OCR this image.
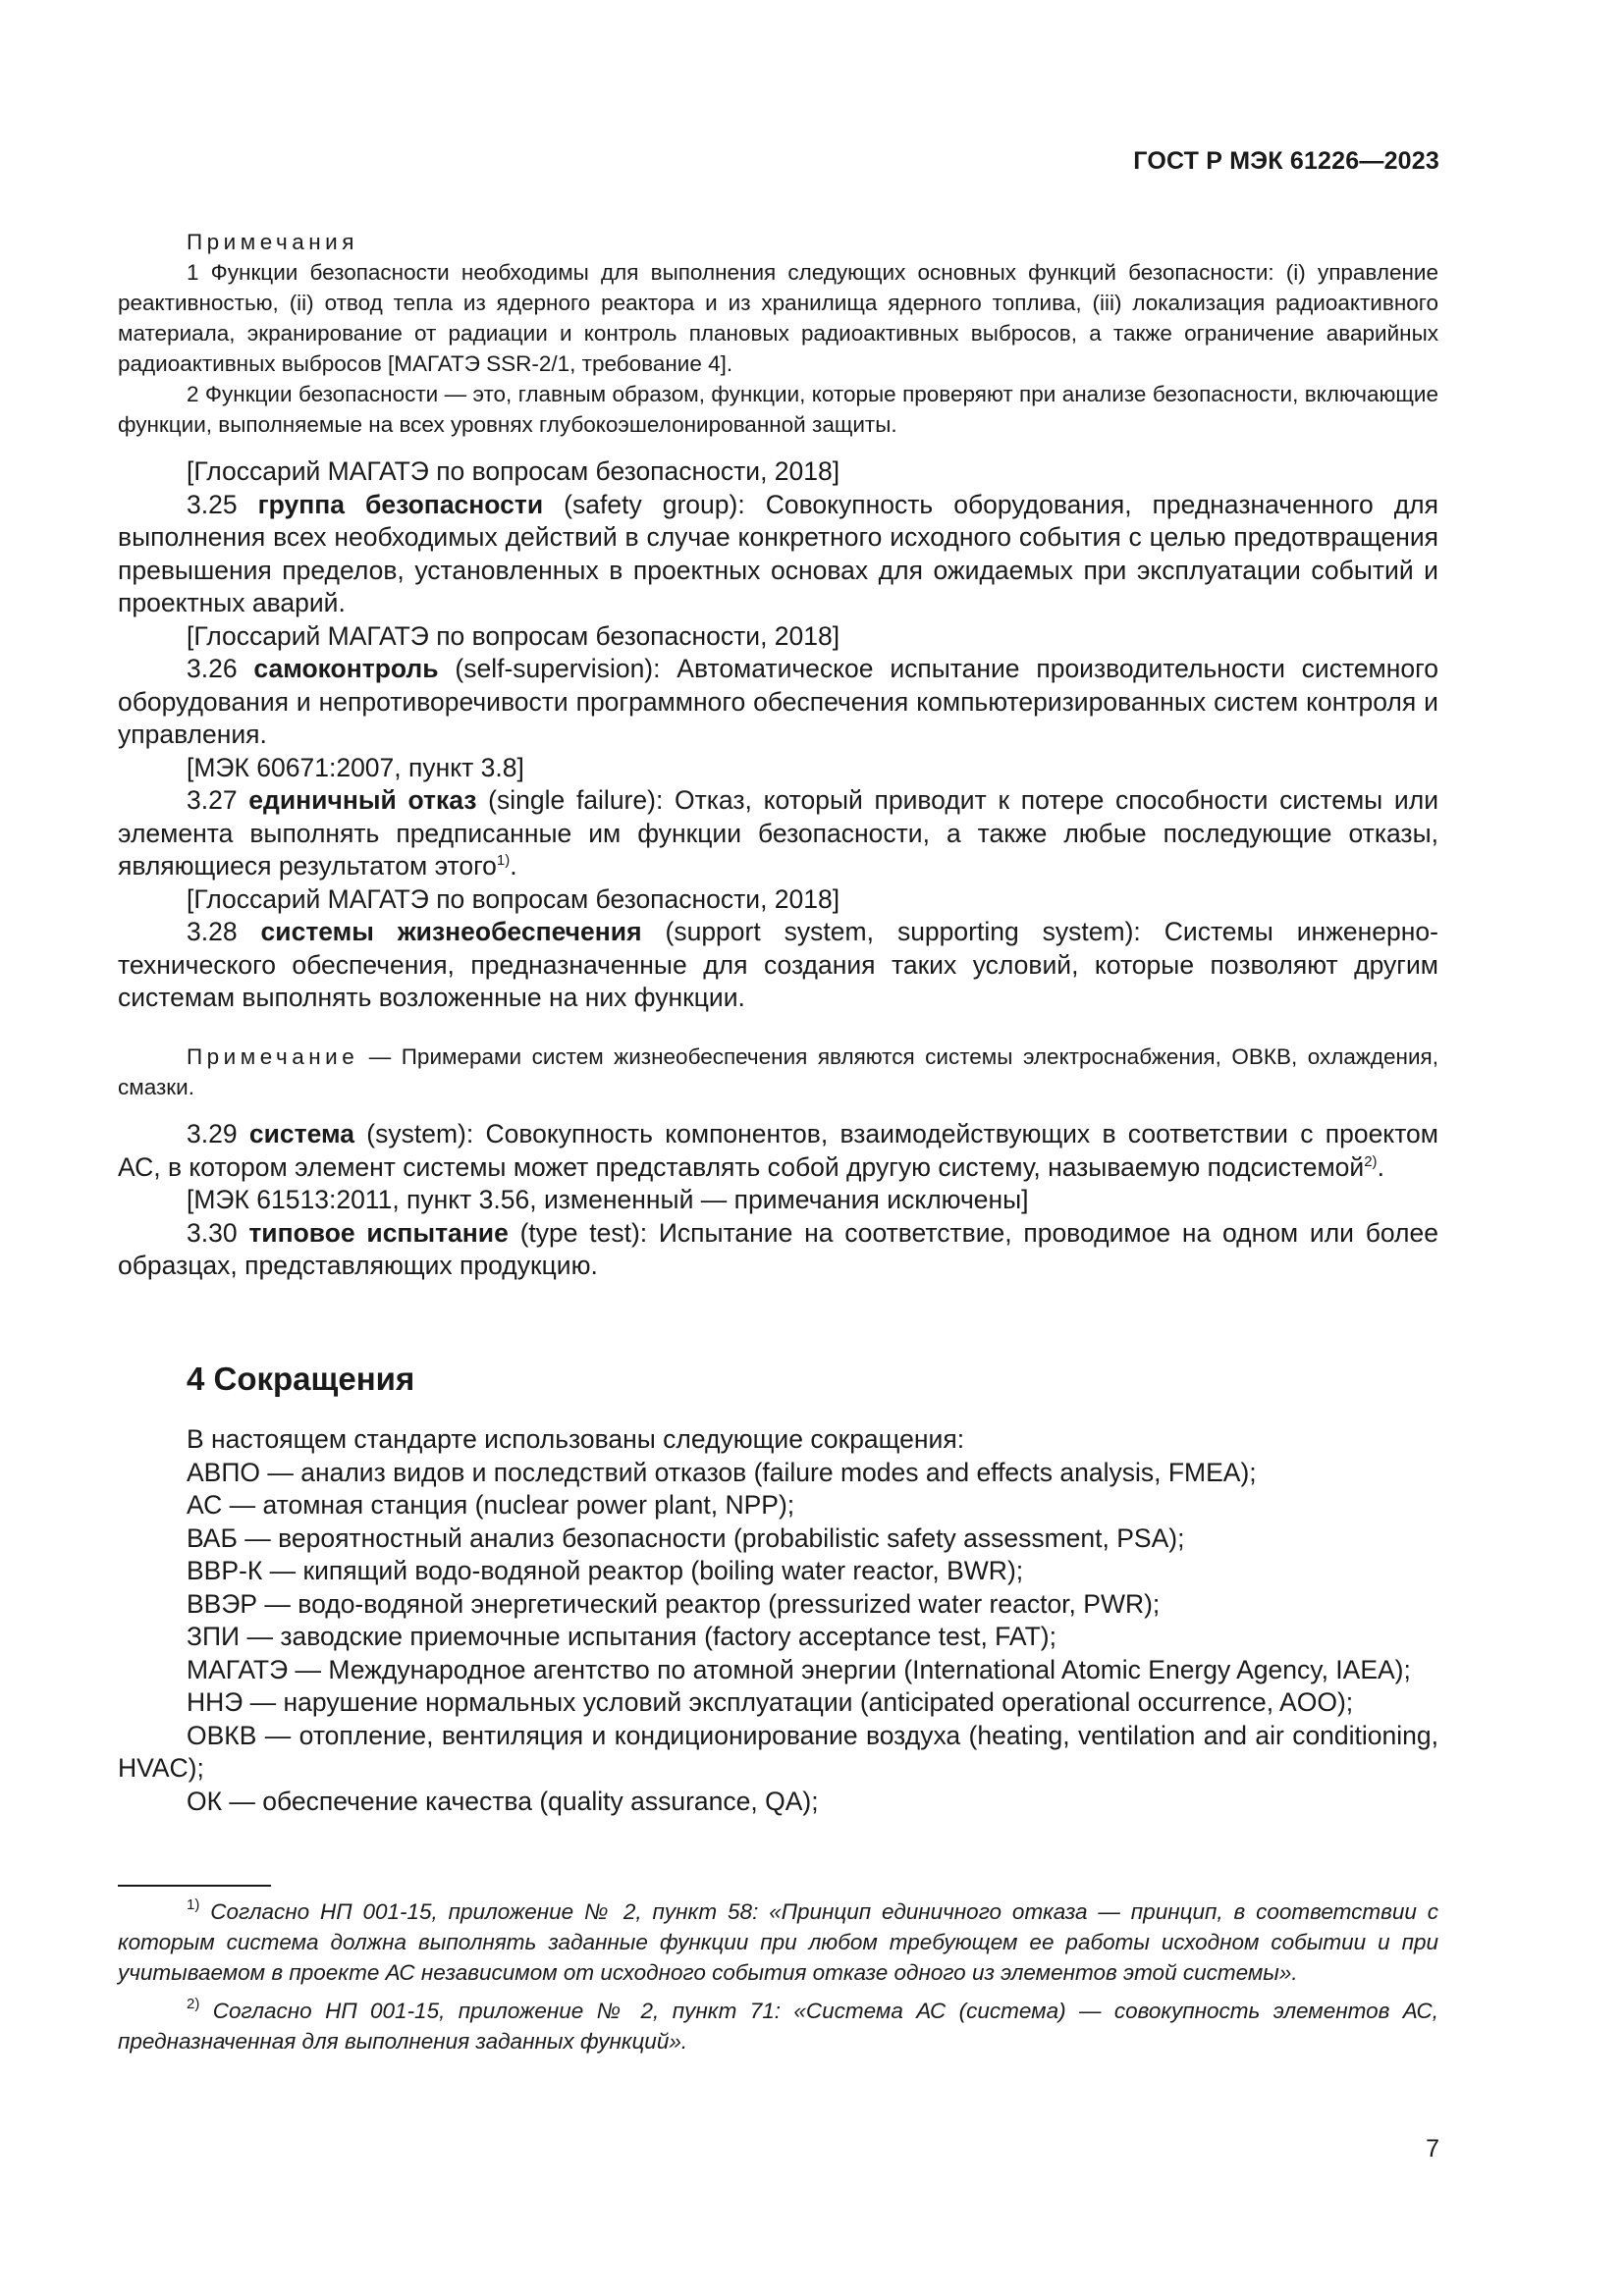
ГОСТ Р МЭК 61226—2023

Примечания

1 Функции безопасности необходимы для выполнения следующих основных функций безопасности: (i) управление реактивностью, (ii) отвод тепла из ядерного реактора и из хранилища ядерного топлива, (iii) локализация радиоактивного материала, экранирование от радиации и контроль плановых радиоактивных выбросов, а также ограничение аварийных радиоактивных выбросов [МАГАТЭ SSR-2/1, требование 4].

2 Функции безопасности — это, главным образом, функции, которые проверяют при анализе безопасности, включающие функции, выполняемые на всех уровнях глубокоэшелонированной защиты.

[Глоссарий МАГАТЭ по вопросам безопасности, 2018]

3.25 группа безопасности (safety group): Совокупность оборудования, предназначенного для выполнения всех необходимых действий в случае конкретного исходного события с целью предотвращения превышения пределов, установленных в проектных основах для ожидаемых при эксплуатации событий и проектных аварий.

[Глоссарий МАГАТЭ по вопросам безопасности, 2018]

3.26 самоконтроль (self-supervision): Автоматическое испытание производительности системного оборудования и непротиворечивости программного обеспечения компьютеризированных систем контроля и управления.

[МЭК 60671:2007, пункт 3.8]

3.27 единичный отказ (single failure): Отказ, который приводит к потере способности системы или элемента выполнять предписанные им функции безопасности, а также любые последующие отказы, являющиеся результатом этого$^{1)}$.

[Глоссарий МАГАТЭ по вопросам безопасности, 2018]

3.28 системы жизнеобеспечения (support system, supporting system): Системы инженерно-технического обеспечения, предназначенные для создания таких условий, которые позволяют другим системам выполнять возложенные на них функции.

Примечание — Примерами систем жизнеобеспечения являются системы электроснабжения, ОВКВ, охлаждения, смазки.

3.29 система (system): Совокупность компонентов, взаимодействующих в соответствии с проектом АС, в котором элемент системы может представлять собой другую систему, называемую подсистемой$^{2)}$.

[МЭК 61513:2011, пункт 3.56, измененный — примечания исключены]

3.30 типовое испытание (type test): Испытание на соответствие, проводимое на одном или более образцах, представляющих продукцию.

4 Сокращения

В настоящем стандарте использованы следующие сокращения:

АВПО — анализ видов и последствий отказов (failure modes and effects analysis, FMEA);

АС — атомная станция (nuclear power plant, NPP);

ВАБ — вероятностный анализ безопасности (probabilistic safety assessment, PSA);

ВВР-К — кипящий водо-водяной реактор (boiling water reactor, BWR);

ВВЭР — водо-водяной энергетический реактор (pressurized water reactor, PWR);

ЗПИ — заводские приемочные испытания (factory acceptance test, FAT);

МАГАТЭ — Международное агентство по атомной энергии (International Atomic Energy Agency, IAEA);

ННЭ — нарушение нормальных условий эксплуатации (anticipated operational occurrence, AOO);

ОВКВ — отопление, вентиляция и кондиционирование воздуха (heating, ventilation and air conditioning, HVAC);

ОК — обеспечение качества (quality assurance, QA);

$^{1)}$ Согласно НП 001-15, приложение № 2, пункт 58: «Принцип единичного отказа — принцип, в соответствии с которым система должна выполнять заданные функции при любом требующем ее работы исходном событии и при учитываемом в проекте АС независимом от исходного события отказе одного из элементов этой системы».

$^{2)}$ Согласно НП 001-15, приложение № 2, пункт 71: «Система АС (система) — совокупность элементов АС, предназначенная для выполнения заданных функций».

7
